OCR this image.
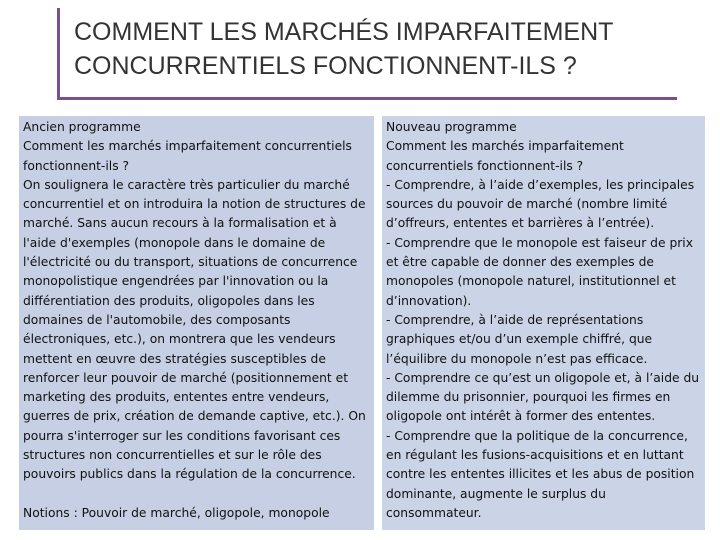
COMMENT LES MARCHÉS IMPARFAITEMENT
CONCURRENTIELS FONCTIONNENT-ILS ?

Ancien programme

Comment les marchés imparfaitement concurrentiels fonctionnent-ils ?

On soulignera le caractère très particulier du marché concurrentiel et on introduira la notion de structures de marché. Sans aucun recours à la formalisation et à l'aide d'exemples (monopole dans le domaine de l'électricité ou du transport, situations de concurrence monopolistique engendrées par l'innovation ou la différentiation des produits, oligopoles dans les domaines de l'automobile, des composants électroniques, etc.), on montrera que les vendeurs mettent en œuvre des stratégies susceptibles de renforcer leur pouvoir de marché (positionnement et marketing des produits, ententes entre vendeurs, guerres de prix, création de demande captive, etc.). On pourra s'interroger sur les conditions favorisant ces structures non concurrentielles et sur le rôle des pouvoirs publics dans la régulation de la concurrence.

Notions : Pouvoir de marché, oligopole, monopole

Nouveau programme

Comment les marchés imparfaitement concurrentiels fonctionnent-ils ?

- Comprendre, à l’aide d’exemples, les principales sources du pouvoir de marché (nombre limité d’offreurs, ententes et barrières à l’entrée).

- Comprendre que le monopole est faiseur de prix et être capable de donner des exemples de monopoles (monopole naturel, institutionnel et d’innovation).

- Comprendre, à l’aide de représentations graphiques et/ou d’un exemple chiffré, que l’équilibre du monopole n’est pas efficace.

- Comprendre ce qu’est un oligopole et, à l’aide du dilemme du prisonnier, pourquoi les firmes en oligopole ont intérêt à former des ententes.

- Comprendre que la politique de la concurrence, en régulant les fusions-acquisitions et en luttant contre les ententes illicites et les abus de position dominante, augmente le surplus du consommateur.
